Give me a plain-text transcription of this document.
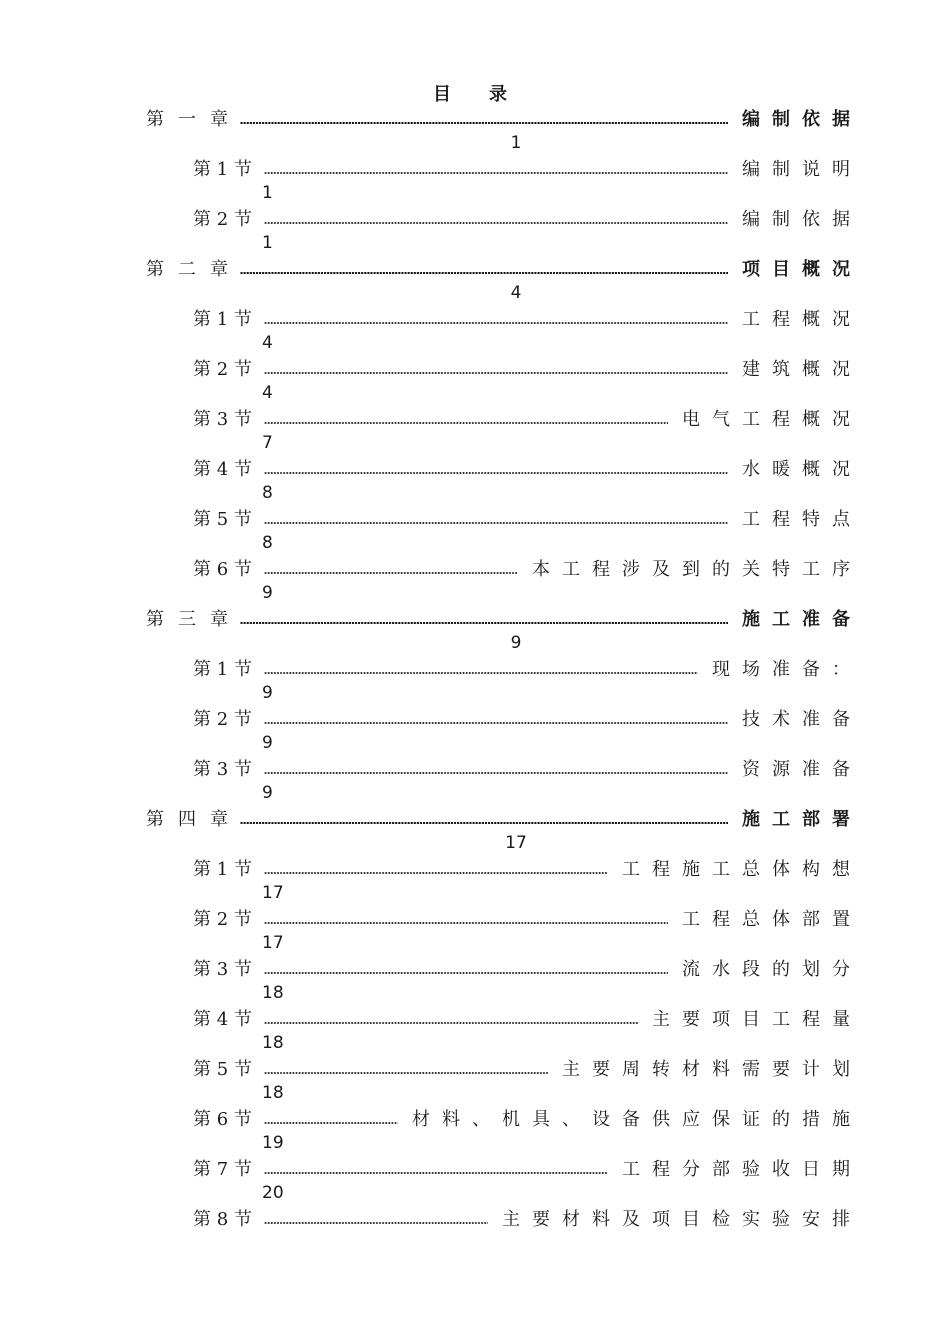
目 录
第 一 章	编制依据
1
第 1 节	编制说明
1
第 2 节	编制依据
1
第 二 章	项目概况
4
第 1 节	工程概况
4
第 2 节	建筑概况
4
第 3 节	电气工程概况
7
第 4 节	水暖概况
8
第 5 节	工程特点
8
第 6 节	本工程涉及到的关特工序
9
第 三 章	施工准备
9
第 1 节	现场准备：
9
第 2 节	技术准备
9
第 3 节	资源准备
9
第 四 章	施工部署
17
第 1 节	工程施工总体构想
17
第 2 节	工程总体部置
17
第 3 节	流水段的划分
18
第 4 节	主要项目工程量
18
第 5 节	主要周转材料需要计划
18
第 6 节	材料、机具、设备供应保证的措施
19
第 7 节	工程分部验收日期
20
第 8 节	主要材料及项目检实验安排
